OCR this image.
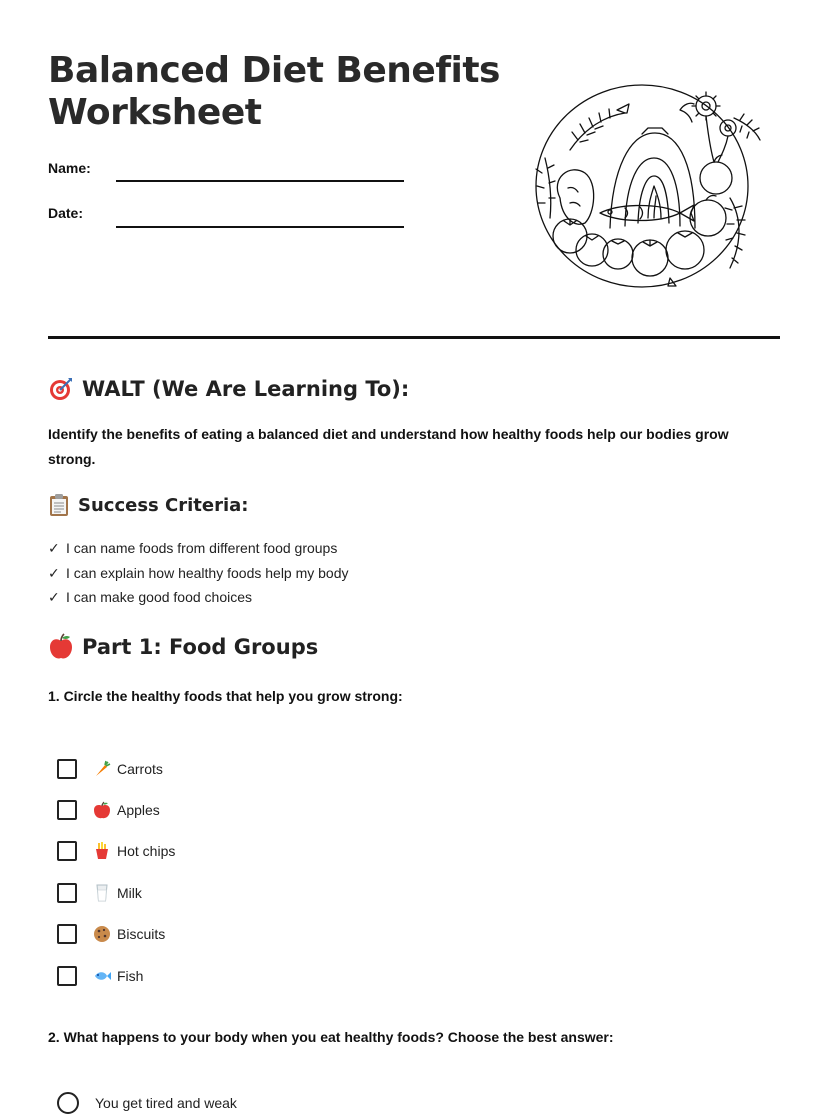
Balanced Diet Benefits
Worksheet
Name:
Date:
WALT (We Are Learning To):

Identify the benefits of eating a balanced diet and understand how healthy foods help our bodies grow strong.

Success Criteria:
✓ I can name foods from different food groups
✓ I can explain how healthy foods help my body
✓ I can make good food choices
Part 1: Food Groups

1. Circle the healthy foods that help you grow strong:

Carrots
Apples
Hot chips
Milk
Biscuits
Fish

2. What happens to your body when you eat healthy foods? Choose the best answer:

You get tired and weak
